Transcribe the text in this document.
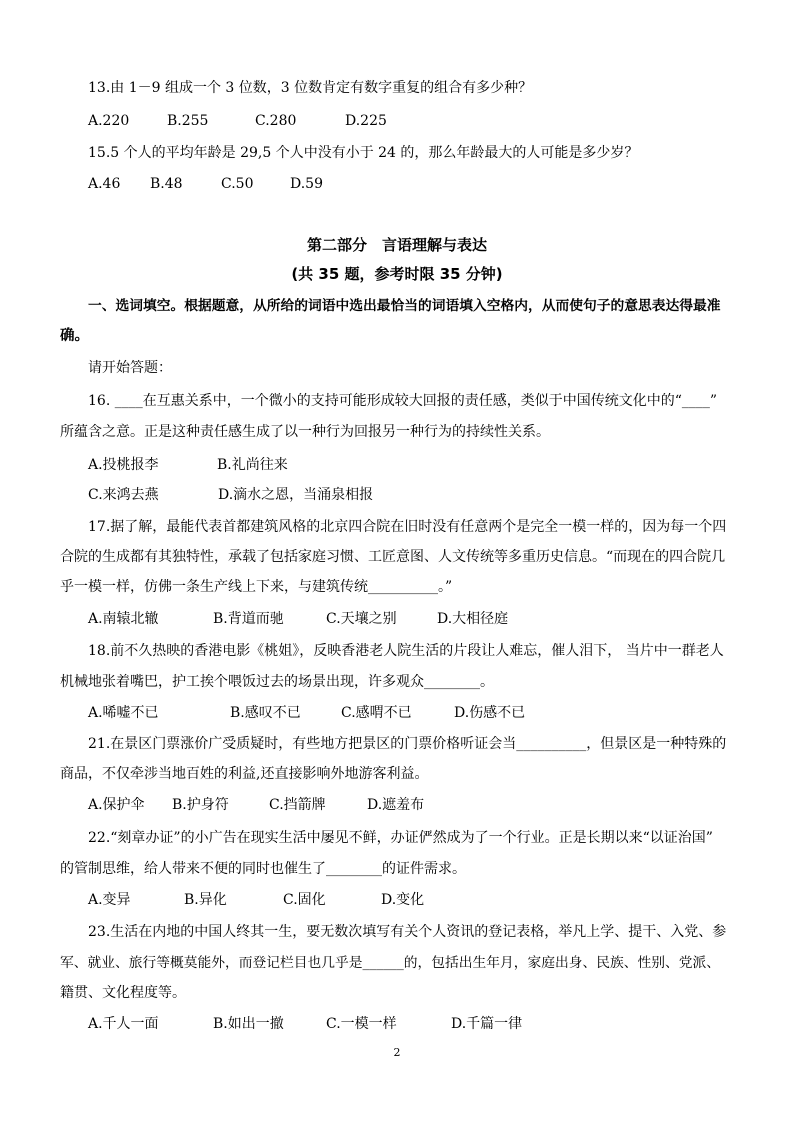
13.由 1－9 组成一个 3 位数，3 位数肯定有数字重复的组合有多少种？
A.220	B.255	C.280	D.225
15.5 个人的平均年龄是 29,5 个人中没有小于 24 的，那么年龄最大的人可能是多少岁？
A.46 B.48	C.50	D.59
第二部分　言语理解与表达
(共 35 题，参考时限 35 分钟)
一、选词填空。根据题意，从所给的词语中选出最恰当的词语填入空格内，从而使句子的意思表达得最准
确。
请开始答题：
16. ____在互惠关系中，一个微小的支持可能形成较大回报的责任感，类似于中国传统文化中的“____”
所蕴含之意。正是这种责任感生成了以一种行为回报另一种行为的持续性关系。
A.投桃报李	B.礼尚往来
C.来鸿去燕	D.滴水之恩，当涌泉相报
17.据了解，最能代表首都建筑风格的北京四合院在旧时没有任意两个是完全一模一样的，因为每一个四
合院的生成都有其独特性，承载了包括家庭习惯、工匠意图、人文传统等多重历史信息。“而现在的四合院几
乎一模一样，仿佛一条生产线上下来，与建筑传统__________。”
A.南辕北辙	B.背道而驰	C.天壤之别	D.大相径庭
18.前不久热映的香港电影《桃姐》，反映香港老人院生活的片段让人难忘，催人泪下， 当片中一群老人
机械地张着嘴巴，护工挨个喂饭过去的场景出现，许多观众________。
A.唏嘘不已	B.感叹不已	C.感喟不已	D.伤感不已
21.在景区门票涨价广受质疑时，有些地方把景区的门票价格听证会当__________，但景区是一种特殊的
商品，不仅牵涉当地百姓的利益,还直接影响外地游客利益。
A.保护伞 B.护身符	C.挡箭牌	D.遮羞布
22.“刻章办证”的小广告在现实生活中屡见不鲜，办证俨然成为了一个行业。正是长期以来“以证治国”
的管制思维，给人带来不便的同时也催生了________的证件需求。
A.变异	B.异化	C.固化	D.变化
23.生活在内地的中国人终其一生，要无数次填写有关个人资讯的登记表格，举凡上学、提干、入党、参
军、就业、旅行等概莫能外，而登记栏目也几乎是______的，包括出生年月，家庭出身、民族、性别、党派、
籍贯、文化程度等。
A.千人一面	B.如出一撤	C.一模一样	D.千篇一律
2
